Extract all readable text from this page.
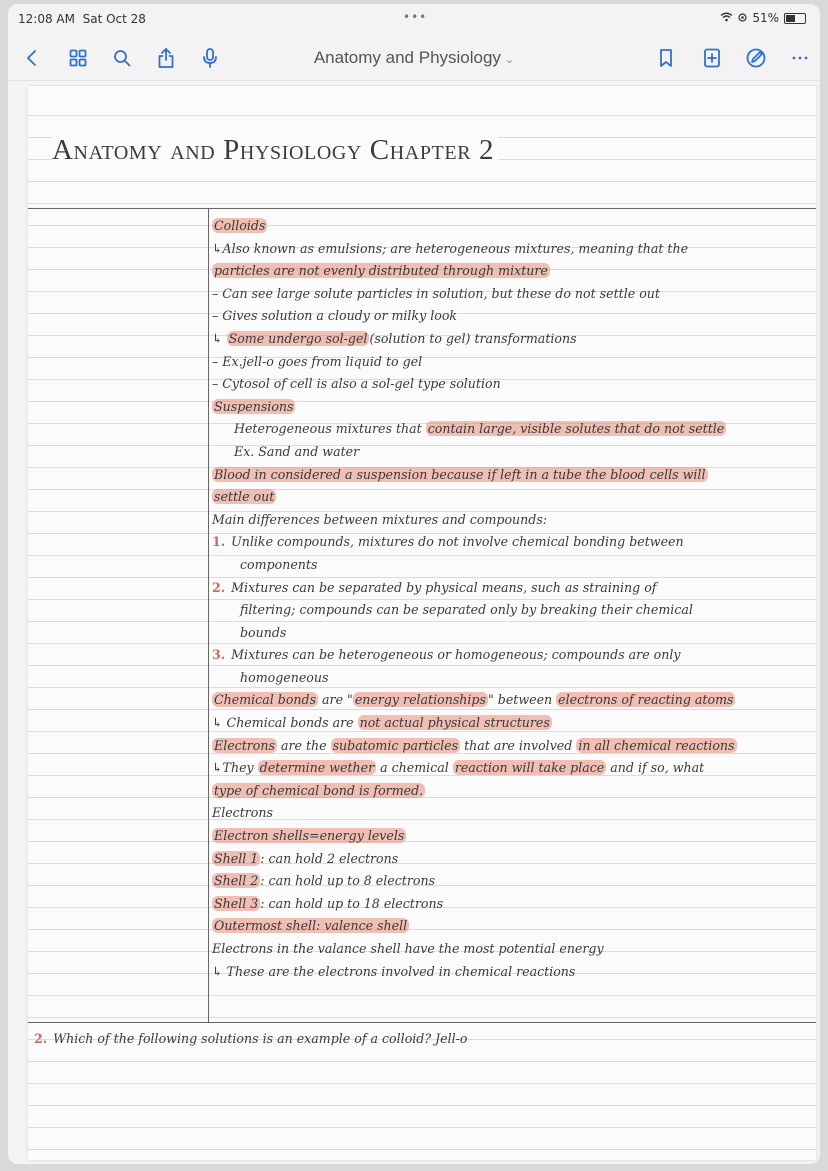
12:08 AM Sat Oct 28	•••	51%
Anatomy and Physiology ⌄
Anatomy and Physiology Chapter 2
Colloids
↳Also known as emulsions; are heterogeneous mixtures, meaning that the
particles are not evenly distributed through mixture
– Can see large solute particles in solution, but these do not settle out
– Gives solution a cloudy or milky look
↳ Some undergo sol-gel (solution to gel) transformations
– Ex.jell-o goes from liquid to gel
– Cytosol of cell is also a sol-gel type solution
Suspensions
Heterogeneous mixtures that contain large, visible solutes that do not settle
Ex. Sand and water
Blood in considered a suspension because if left in a tube the blood cells will
settle out
Main differences between mixtures and compounds:
1. Unlike compounds, mixtures do not involve chemical bonding between
components
2. Mixtures can be separated by physical means, such as straining of
filtering; compounds can be separated only by breaking their chemical
bounds
3. Mixtures can be heterogeneous or homogeneous; compounds are only
homogeneous
Chemical bonds are " energy relationships " between electrons of reacting atoms
↳ Chemical bonds are not actual physical structures
Electrons are the subatomic particles that are involved in all chemical reactions
↳They determine wether a chemical reaction will take place and if so, what
type of chemical bond is formed.
Electrons
Electron shells=energy levels
Shell 1 : can hold 2 electrons
Shell 2 : can hold up to 8 electrons
Shell 3 : can hold up to 18 electrons
Outermost shell: valence shell
Electrons in the valance shell have the most potential energy
↳ These are the electrons involved in chemical reactions
2. Which of the following solutions is an example of a colloid? Jell-o
